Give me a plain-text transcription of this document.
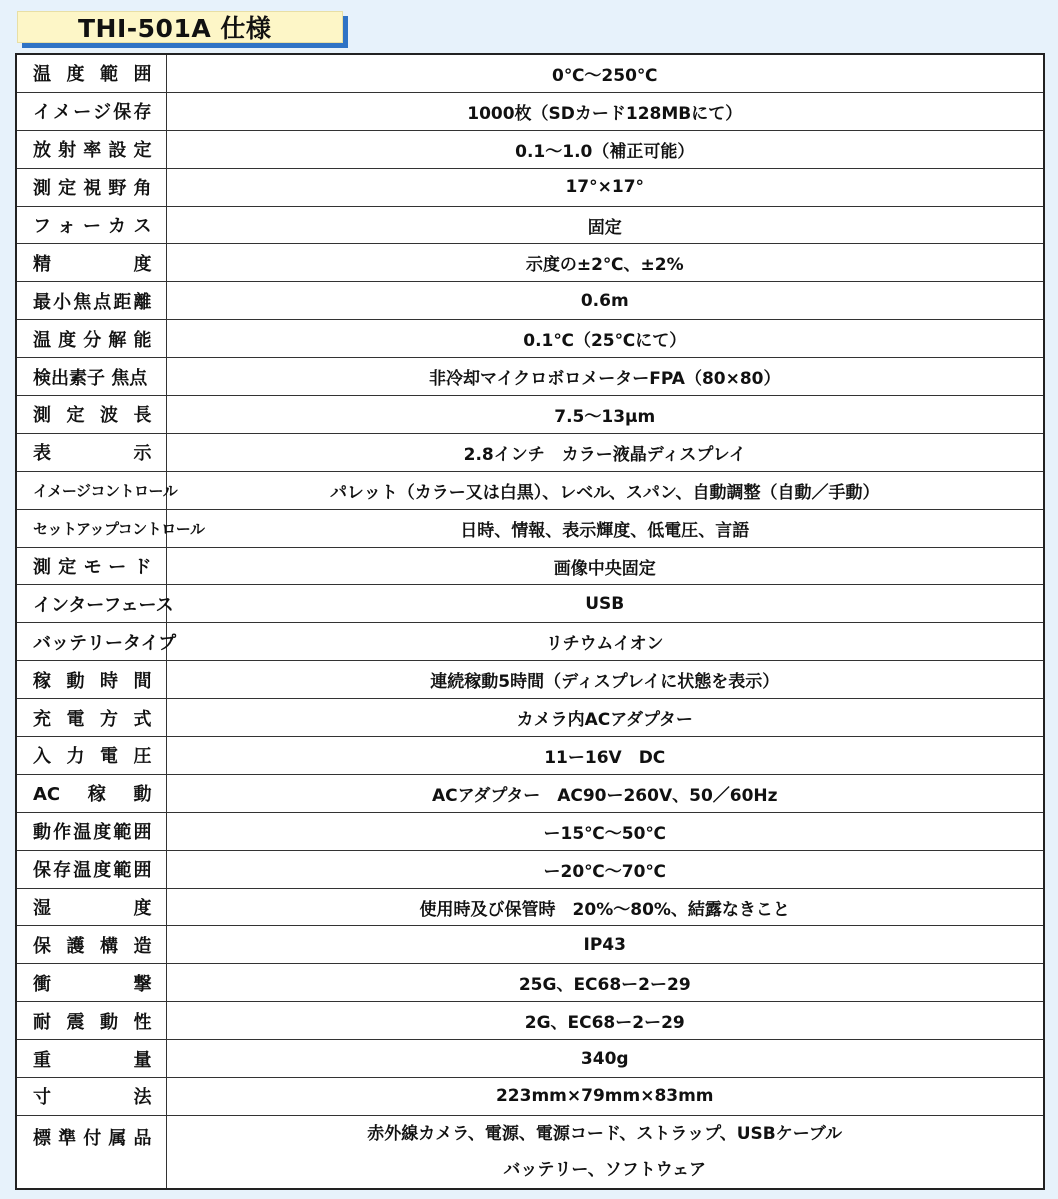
THI-501A 仕様
温度範囲	0℃～250℃
イメージ保存	1000枚（SDカード128MBにて）
放射率設定	0.1～1.0（補正可能）
測定視野角	17°×17°
フォーカス	固定
精度	示度の±2℃、±2%
最小焦点距離	0.6m
温度分解能	0.1℃（25℃にて）
検出素子 焦点	非冷却マイクロボロメーターFPA（80×80）
測定波長	7.5～13μm
表示	2.8インチ　カラー液晶ディスプレイ
イメージコントロール	パレット（カラー又は白黒）、レベル、スパン、自動調整（自動／手動）
セットアップコントロール	日時、情報、表示輝度、低電圧、言語
測定モード	画像中央固定
インターフェース	USB
バッテリータイプ	リチウムイオン
稼動時間	連続稼動5時間（ディスプレイに状態を表示）
充電方式	カメラ内ACアダプター
入力電圧	11ー16V　DC
AC稼動	ACアダプター　AC90ー260V、50／60Hz
動作温度範囲	ー15℃～50℃
保存温度範囲	ー20℃～70℃
湿度	使用時及び保管時　20%～80%、結露なきこと
保護構造	IP43
衝撃	25G、EC68ー2ー29
耐震動性	2G、EC68ー2ー29
重量	340g
寸法	223mm×79mm×83mm
標準付属品	赤外線カメラ、電源、電源コード、ストラップ、USBケーブル
バッテリー、ソフトウェア
